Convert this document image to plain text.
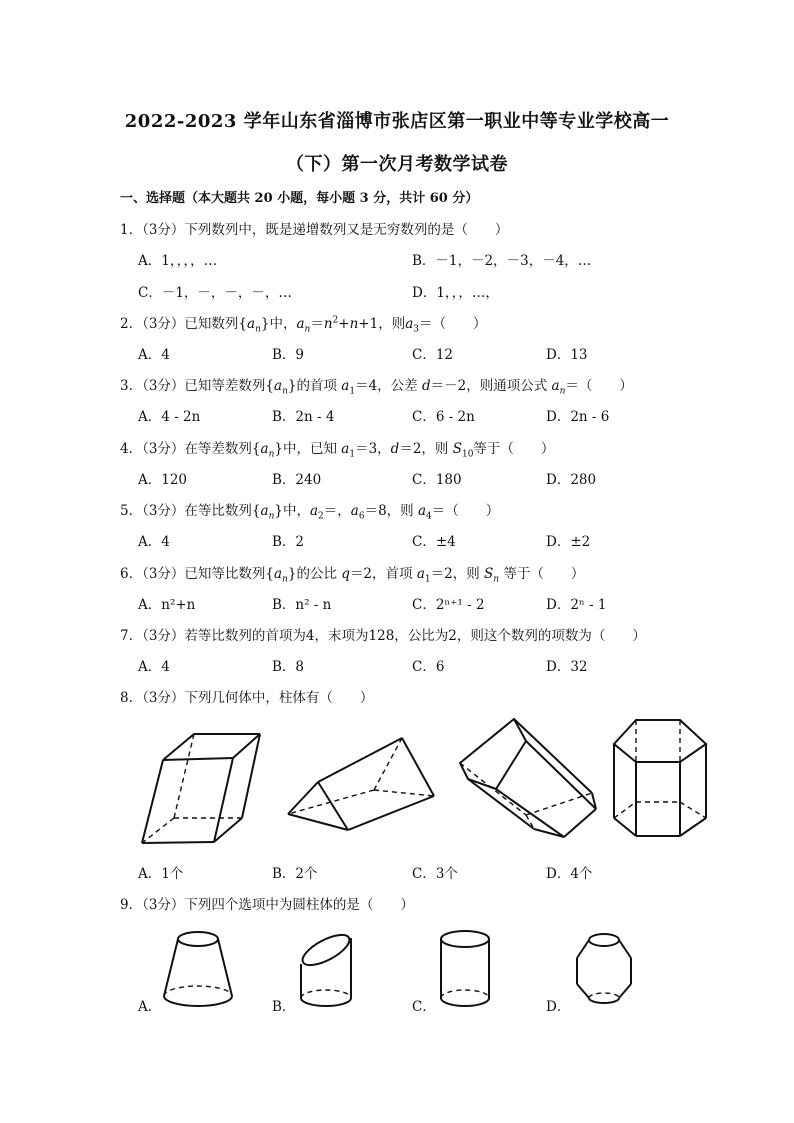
2022-2023 学年山东省淄博市张店区第一职业中等专业学校高一
（下）第一次月考数学试卷
一、选择题（本大题共 20 小题，每小题 3 分，共计 60 分）
1．（3分）下列数列中，既是递增数列又是无穷数列的是（　　）
A．1，，，，…	B．－1，－2，－3，－4，…
C．－1，－，－，－，…	D．1，，，…，
2．（3分）已知数列$\{a_n\}$中，$a_n=n^2+n+1$，则$a_3=$（　　）
A．4	B．9	C．12	D．13
3．（3分）已知等差数列$\{a_n\}$的首项 $a_1=4$，公差 d＝－2，则通项公式 $a_n=$（　　）
A．4 - 2n	B．2n - 4	C．6 - 2n	D．2n - 6
4．（3分）在等差数列$\{a_n\}$中，已知 $a_1=3$，d＝2，则 $S_{10}$等于（　　）
A．120	B．240	C．180	D．280
5．（3分）在等比数列$\{a_n\}$中，$a_2=$，$a_6=8$，则 $a_4=$（　　）
A．4	B．2	C．±4	D．±2
6．（3分）已知等比数列$\{a_n\}$的公比 q＝2，首项 $a_1=2$，则 $S_n$ 等于（　　）
A．n²+n	B．n² - n	C．2ⁿ⁺¹ - 2	D．2ⁿ - 1
7．（3分）若等比数列的首项为4，末项为128，公比为2，则这个数列的项数为（　　）
A．4	B．8	C．6	D．32
8．（3分）下列几何体中，柱体有（　　）
A．1个	B．2个	C．3个	D．4个
9．（3分）下列四个选项中为圆柱体的是（　　）
A．	B．	C．	D．
